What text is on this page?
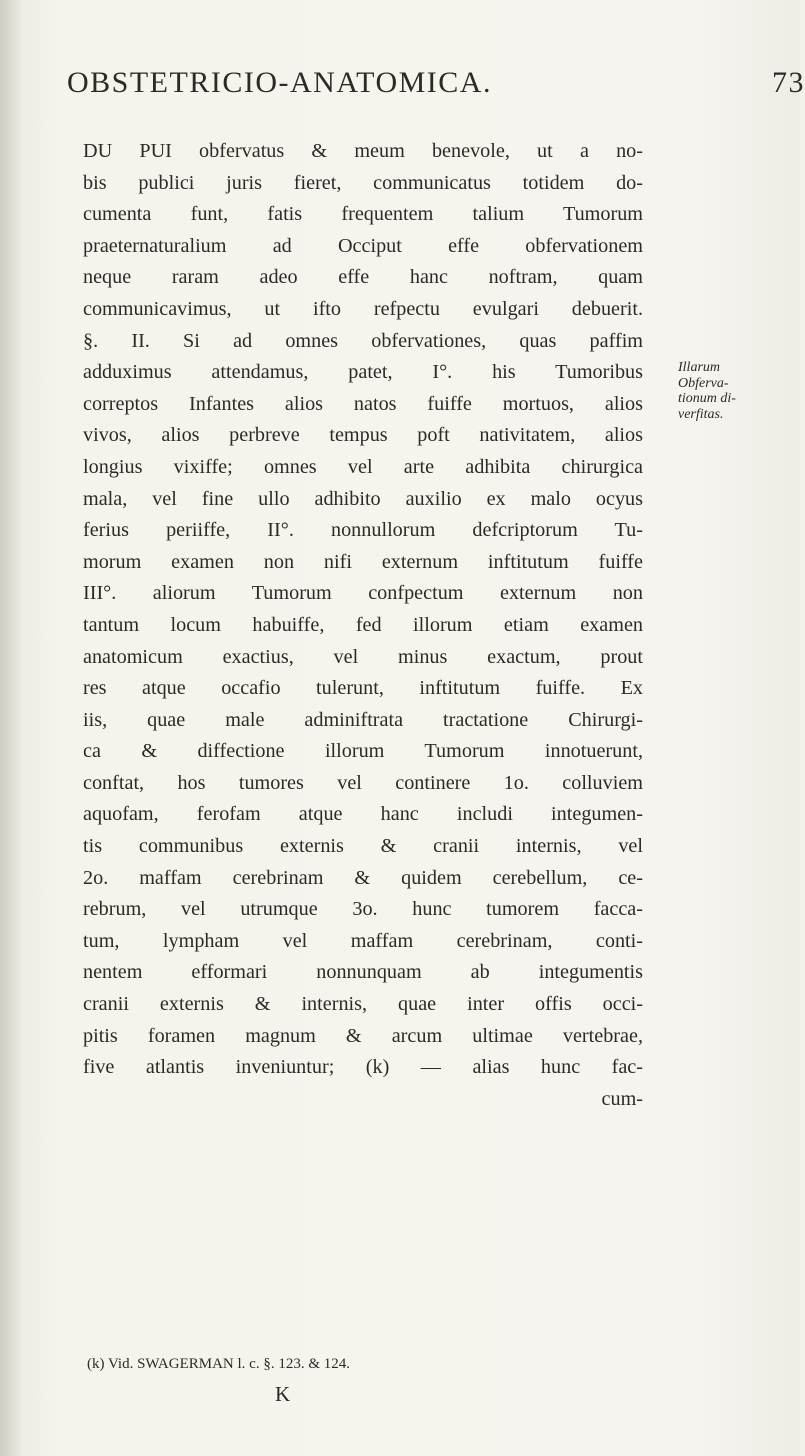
OBSTETRICIO-ANATOMICA.	73
DU PUI obfervatus & meum benevole, ut a no-
bis publici juris fieret, communicatus totidem do-
cumenta funt, fatis frequentem talium Tumorum
praeternaturalium ad Occiput effe obfervationem
neque raram adeo effe hanc noftram, quam
communicavimus, ut ifto refpectu evulgari debuerit.
§. II. Si ad omnes obfervationes, quas paffim
adduximus attendamus, patet, I°. his Tumoribus
correptos Infantes alios natos fuiffe mortuos, alios
vivos, alios perbreve tempus poft nativitatem, alios
longius vixiffe; omnes vel arte adhibita chirurgica
mala, vel fine ullo adhibito auxilio ex malo ocyus
ferius periiffe, II°. nonnullorum defcriptorum Tu-
morum examen non nifi externum inftitutum fuiffe
III°. aliorum Tumorum confpectum externum non
tantum locum habuiffe, fed illorum etiam examen
anatomicum exactius, vel minus exactum, prout
res atque occafio tulerunt, inftitutum fuiffe. Ex
iis, quae male adminiftrata tractatione Chirurgi-
ca & diffectione illorum Tumorum innotuerunt,
conftat, hos tumores vel continere 1o. colluviem
aquofam, ferofam atque hanc includi integumen-
tis communibus externis & cranii internis, vel
2o. maffam cerebrinam & quidem cerebellum, ce-
rebrum, vel utrumque 3o. hunc tumorem facca-
tum, lympham vel maffam cerebrinam, conti-
nentem efformari nonnunquam ab integumentis
cranii externis & internis, quae inter offis occi-
pitis foramen magnum & arcum ultimae vertebrae,
five atlantis inveniuntur; (k) — alias hunc fac-
cum-
Illarum
Obferva-
tionum di-
verfitas.
(k) Vid. SWAGERMAN l. c. §. 123. & 124.
K
